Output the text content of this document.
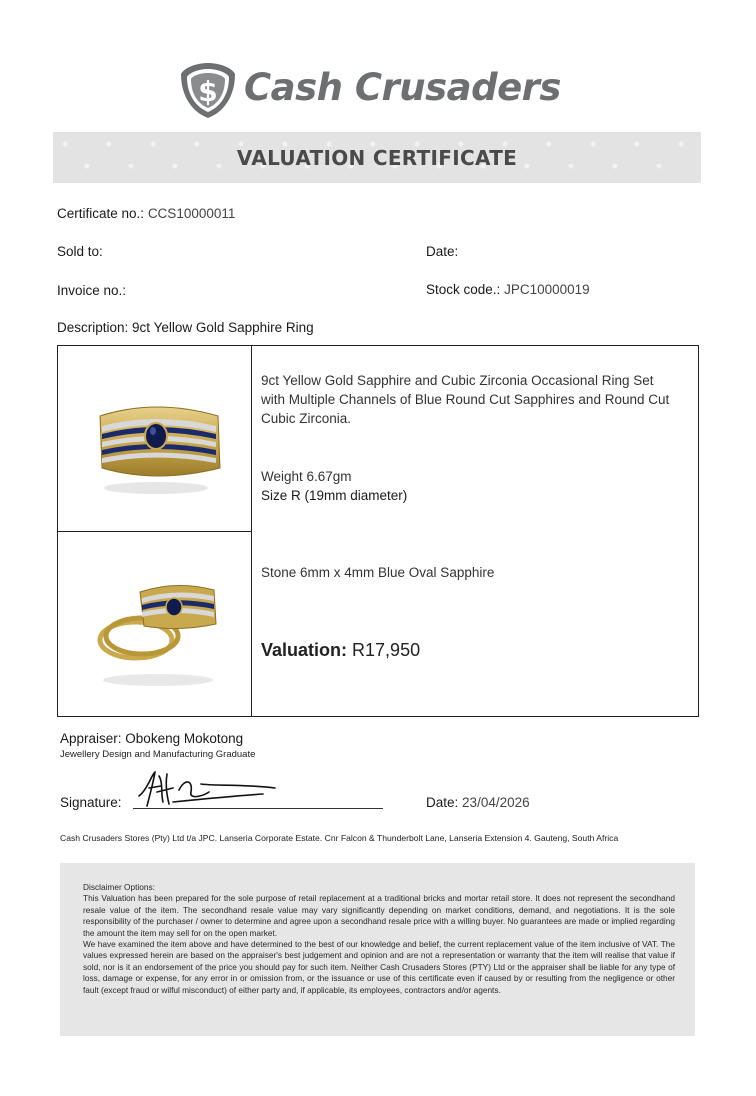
$ Cash Crusaders
VALUATION CERTIFICATE
Certificate no.: CCS10000011
Sold to:	Date:
Invoice no.:	Stock code.: JPC10000019
Description: 9ct Yellow Gold Sapphire Ring
9ct Yellow Gold Sapphire and Cubic Zirconia Occasional Ring Set with Multiple Channels of Blue Round Cut Sapphires and Round Cut Cubic Zirconia.
Weight 6.67gm
Size R (19mm diameter)
Stone 6mm x 4mm Blue Oval Sapphire
Valuation: R17,950
Appraiser: Obokeng Mokotong
Jewellery Design and Manufacturing Graduate
Signature:	Date: 23/04/2026
Cash Crusaders Stores (Pty) Ltd t/a JPC. Lanseria Corporate Estate. Cnr Falcon & Thunderbolt Lane, Lanseria Extension 4. Gauteng, South Africa
Disclaimer Options:
This Valuation has been prepared for the sole purpose of retail replacement at a traditional bricks and mortar retail store. It does not represent the secondhand resale value of the item. The secondhand resale value may vary significantly depending on market conditions, demand, and negotiations. It is the sole responsibility of the purchaser / owner to determine and agree upon a secondhand resale price with a willing buyer. No guarantees are made or implied regarding the amount the item may sell for on the open market.
We have examined the item above and have determined to the best of our knowledge and belief, the current replacement value of the item inclusive of VAT. The values expressed herein are based on the appraiser's best judgement and opinion and are not a representation or warranty that the item will realise that value if sold, nor is it an endorsement of the price you should pay for such item. Neither Cash Crusaders Stores (PTY) Ltd or the appraiser shall be liable for any type of loss, damage or expense, for any error in or omission from, or the issuance or use of this certificate even if caused by or resulting from the negligence or other fault (except fraud or wilful misconduct) of either party and, if applicable, its employees, contractors and/or agents.
